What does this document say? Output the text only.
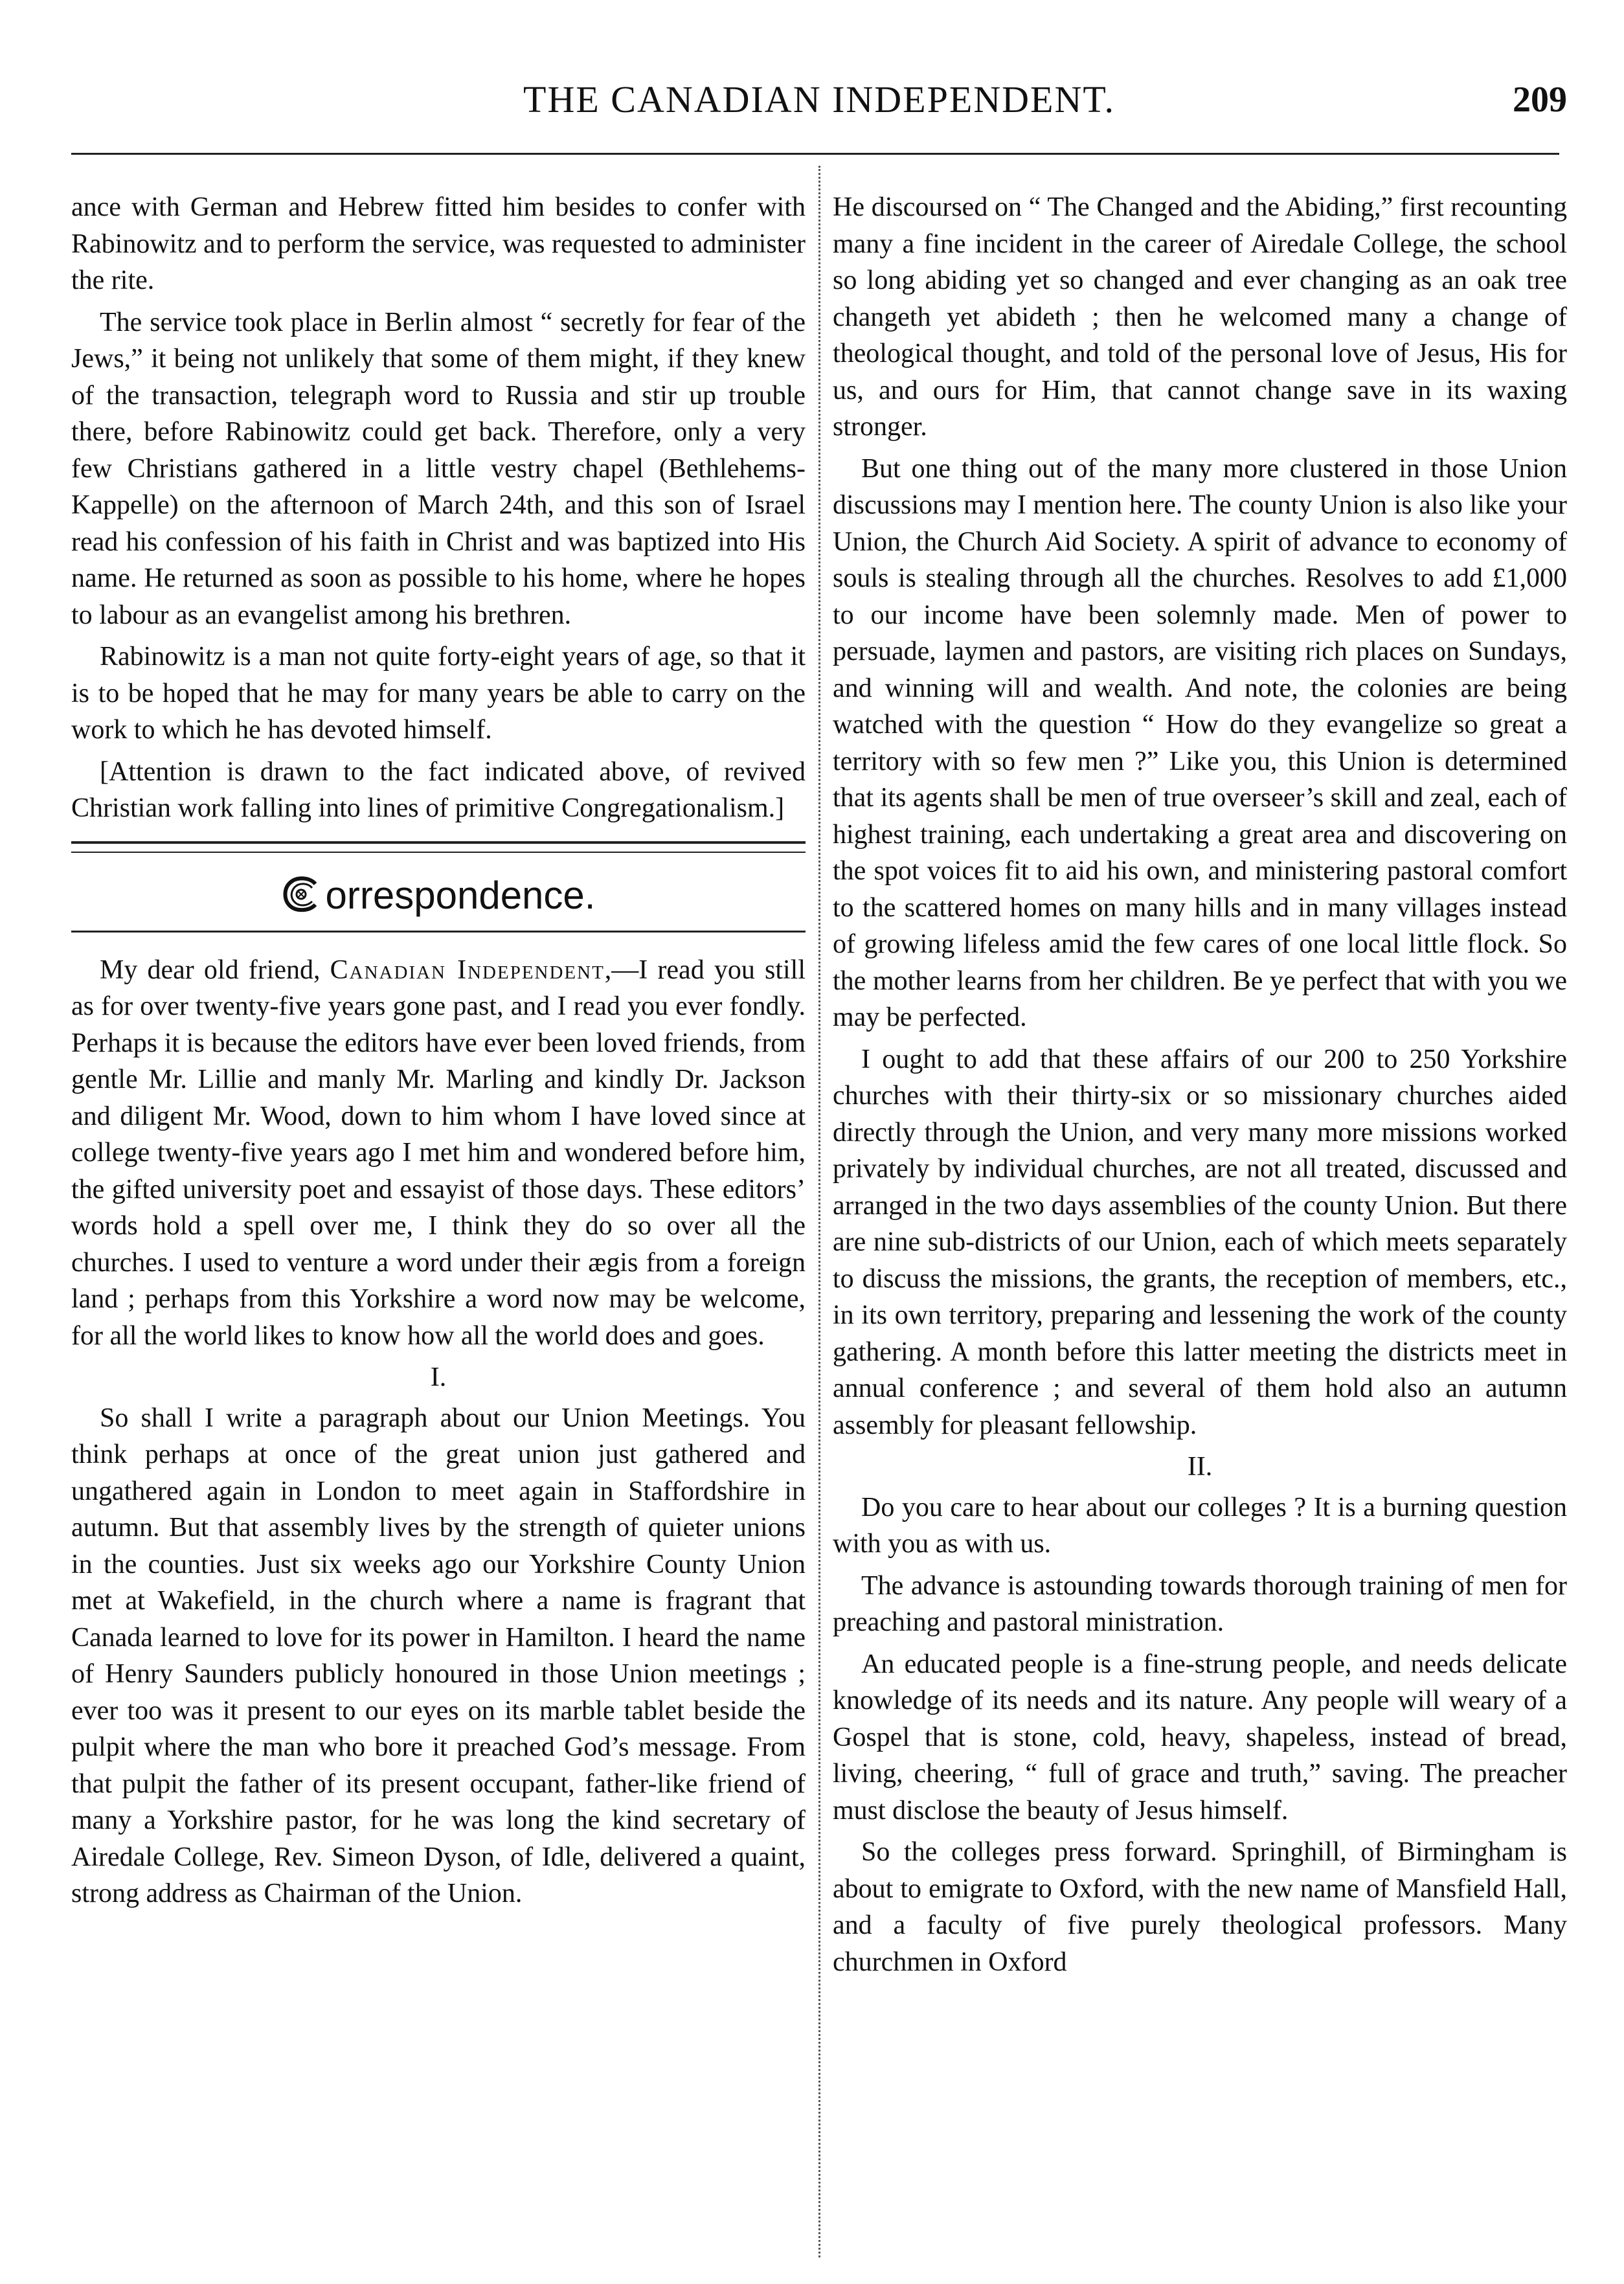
THE CANADIAN INDEPENDENT.	209

ance with German and Hebrew fitted him besides to confer with Rabinowitz and to perform the service, was requested to administer the rite.

The service took place in Berlin almost “ secretly for fear of the Jews,” it being not unlikely that some of them might, if they knew of the transaction, telegraph word to Russia and stir up trouble there, before Rabinowitz could get back. Therefore, only a very few Christians gathered in a little vestry chapel (Bethlehems-Kappelle) on the afternoon of March 24th, and this son of Israel read his confession of his faith in Christ and was baptized into His name. He returned as soon as possible to his home, where he hopes to labour as an evangelist among his brethren.

Rabinowitz is a man not quite forty-eight years of age, so that it is to be hoped that he may for many years be able to carry on the work to which he has devoted himself.

[Attention is drawn to the fact indicated above, of revived Christian work falling into lines of primitive Congregationalism.]

orrespondence.

My dear old friend, Canadian Independent,—I read you still as for over twenty-five years gone past, and I read you ever fondly. Perhaps it is because the editors have ever been loved friends, from gentle Mr. Lillie and manly Mr. Marling and kindly Dr. Jackson and diligent Mr. Wood, down to him whom I have loved since at college twenty-five years ago I met him and wondered before him, the gifted university poet and essayist of those days. These editors’ words hold a spell over me, I think they do so over all the churches. I used to venture a word under their ægis from a foreign land ; perhaps from this Yorkshire a word now may be welcome, for all the world likes to know how all the world does and goes.

I.

So shall I write a paragraph about our Union Meetings. You think perhaps at once of the great union just gathered and ungathered again in London to meet again in Staffordshire in autumn. But that assembly lives by the strength of quieter unions in the counties. Just six weeks ago our Yorkshire County Union met at Wakefield, in the church where a name is fragrant that Canada learned to love for its power in Hamilton. I heard the name of Henry Saunders publicly honoured in those Union meetings ; ever too was it present to our eyes on its marble tablet beside the pulpit where the man who bore it preached God’s message. From that pulpit the father of its present occupant, father-like friend of many a Yorkshire pastor, for he was long the kind secretary of Airedale College, Rev. Simeon Dyson, of Idle, delivered a quaint, strong address as Chairman of the Union.

He discoursed on “ The Changed and the Abiding,” first recounting many a fine incident in the career of Airedale College, the school so long abiding yet so changed and ever changing as an oak tree changeth yet abideth ; then he welcomed many a change of theological thought, and told of the personal love of Jesus, His for us, and ours for Him, that cannot change save in its waxing stronger.

But one thing out of the many more clustered in those Union discussions may I mention here. The county Union is also like your Union, the Church Aid Society. A spirit of advance to economy of souls is stealing through all the churches. Resolves to add £1,000 to our income have been solemnly made. Men of power to persuade, laymen and pastors, are visiting rich places on Sundays, and winning will and wealth. And note, the colonies are being watched with the question “ How do they evangelize so great a territory with so few men ?” Like you, this Union is determined that its agents shall be men of true overseer’s skill and zeal, each of highest training, each undertaking a great area and discovering on the spot voices fit to aid his own, and ministering pastoral comfort to the scattered homes on many hills and in many villages instead of growing lifeless amid the few cares of one local little flock. So the mother learns from her children. Be ye perfect that with you we may be perfected.

I ought to add that these affairs of our 200 to 250 Yorkshire churches with their thirty-six or so missionary churches aided directly through the Union, and very many more missions worked privately by individual churches, are not all treated, discussed and arranged in the two days assemblies of the county Union. But there are nine sub-districts of our Union, each of which meets separately to discuss the missions, the grants, the reception of members, etc., in its own territory, preparing and lessening the work of the county gathering. A month before this latter meeting the districts meet in annual conference ; and several of them hold also an autumn assembly for pleasant fellowship.

II.

Do you care to hear about our colleges ? It is a burning question with you as with us.

The advance is astounding towards thorough training of men for preaching and pastoral ministration.

An educated people is a fine-strung people, and needs delicate knowledge of its needs and its nature. Any people will weary of a Gospel that is stone, cold, heavy, shapeless, instead of bread, living, cheering, “ full of grace and truth,” saving. The preacher must disclose the beauty of Jesus himself.

So the colleges press forward. Springhill, of Birmingham is about to emigrate to Oxford, with the new name of Mansfield Hall, and a faculty of five purely theological professors. Many churchmen in Oxford
